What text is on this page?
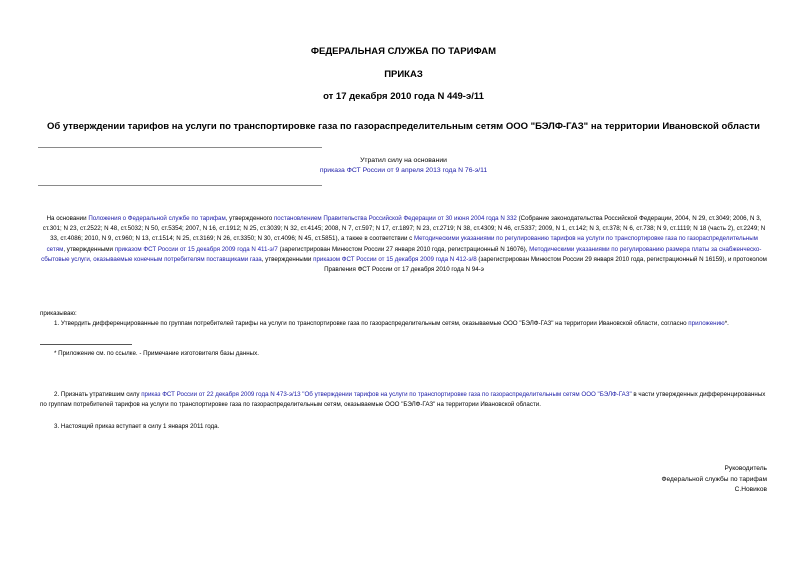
ФЕДЕРАЛЬНАЯ СЛУЖБА ПО ТАРИФАМ
ПРИКАЗ
от 17 декабря 2010 года N 449-э/11
Об утверждении тарифов на услуги по транспортировке газа по газораспределительным сетям ООО "БЭЛФ-ГАЗ" на территории Ивановской области
Утратил силу на основании
приказа ФСТ России от 9 апреля 2013 года N 76-э/11

На основании Положения о Федеральной службе по тарифам, утвержденного постановлением Правительства Российской Федерации от 30 июня 2004 года N 332 (Собрание законодательства Российской Федерации, 2004, N 29, ст.3049; 2006, N 3, ст.301; N 23, ст.2522; N 48, ст.5032; N 50, ст.5354; 2007, N 16, ст.1912; N 25, ст.3039; N 32, ст.4145; 2008, N 7, ст.597; N 17, ст.1897; N 23, ст.2719; N 38, ст.4309; N 46, ст.5337; 2009, N 1, ст.142; N 3, ст.378; N 6, ст.738; N 9, ст.1119; N 18 (часть 2), ст.2249; N 33, ст.4086; 2010, N 9, ст.960; N 13, ст.1514; N 25, ст.3169; N 26, ст.3350; N 30, ст.4096; N 45, ст.5851), а также в соответствии с Методическими указаниями по регулированию тарифов на услуги по транспортировке газа по газораспределительным сетям, утвержденными приказом ФСТ России от 15 декабря 2009 года N 411-э/7 (зарегистрирован Минюстом России 27 января 2010 года, регистрационный N 16076), Методическими указаниями по регулированию размера платы за снабженческо-сбытовые услуги, оказываемые конечным потребителям поставщиками газа, утвержденными приказом ФСТ России от 15 декабря 2009 года N 412-э/8 (зарегистрирован Минюстом России 29 января 2010 года, регистрационный N 16159), и протоколом Правления ФСТ России от 17 декабря 2010 года N 94-э

приказываю:

1. Утвердить дифференцированные по группам потребителей тарифы на услуги по транспортировке газа по газораспределительным сетям, оказываемые ООО "БЭЛФ-ГАЗ" на территории Ивановской области, согласно приложению*.

* Приложение см. по ссылке. - Примечание изготовителя базы данных.

2. Признать утратившим силу приказ ФСТ России от 22 декабря 2009 года N 473-э/13 "Об утверждении тарифов на услуги по транспортировке газа по газораспределительным сетям ООО "БЭЛФ-ГАЗ" в части утвержденных дифференцированных по группам потребителей тарифов на услуги по транспортировке газа по газораспределительным сетям, оказываемые ООО "БЭЛФ-ГАЗ" на территории Ивановской области.

3. Настоящий приказ вступает в силу 1 января 2011 года.
Руководитель
Федеральной службы по тарифам
С.Новиков
